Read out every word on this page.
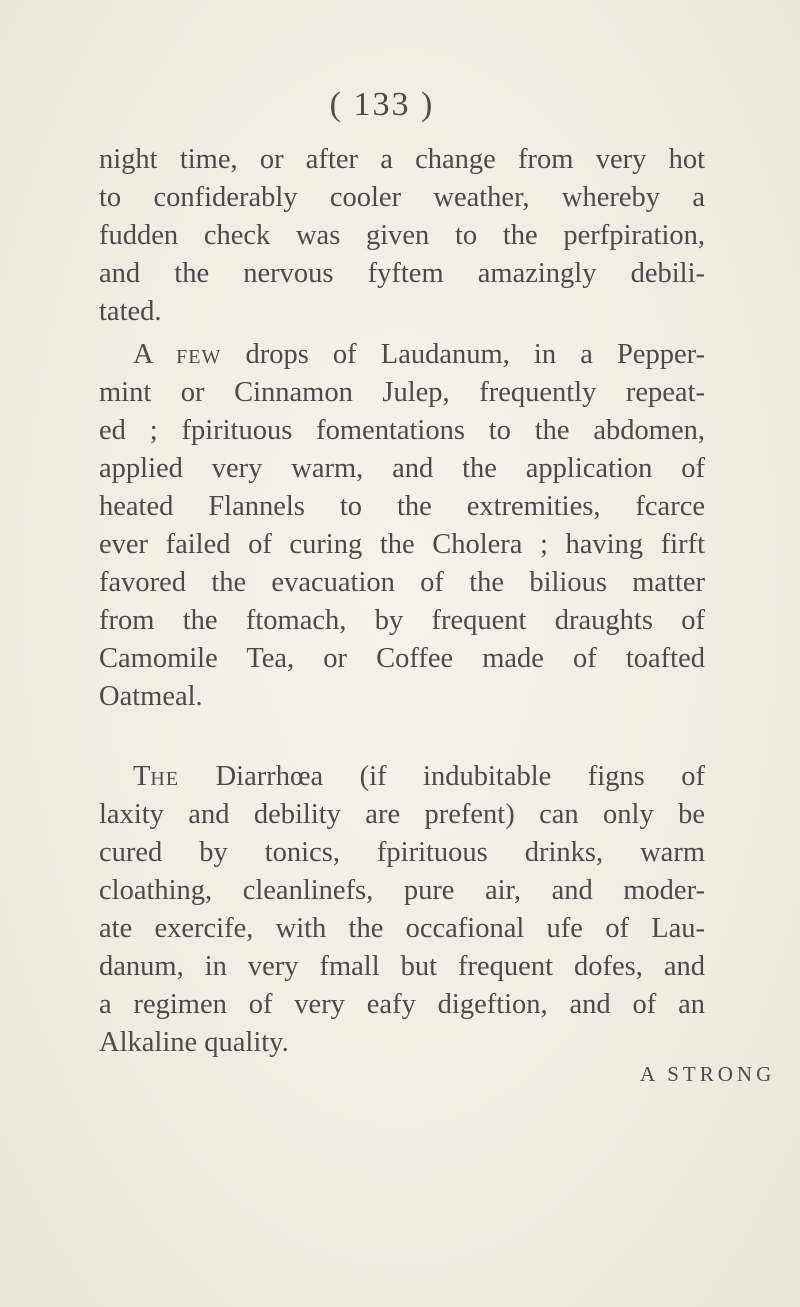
( 133 )
night time, or after a change from very hot
to confiderably cooler weather, whereby a
fudden check was given to the perfpiration,
and the nervous fyftem amazingly debili-
tated.
A few drops of Laudanum, in a Pepper-
mint or Cinnamon Julep, frequently repeat-
ed ; fpirituous fomentations to the abdomen,
applied very warm, and the application of
heated Flannels to the extremities, fcarce
ever failed of curing the Cholera ; having firft
favored the evacuation of the bilious matter
from the ftomach, by frequent draughts of
Camomile Tea, or Coffee made of toafted
Oatmeal.
The Diarrhœa (if indubitable figns of
laxity and debility are prefent) can only be
cured by tonics, fpirituous drinks, warm
cloathing, cleanlinefs, pure air, and moder-
ate exercife, with the occafional ufe of Lau-
danum, in very fmall but frequent dofes, and
a regimen of very eafy digeftion, and of an
Alkaline quality.
A STRONG
